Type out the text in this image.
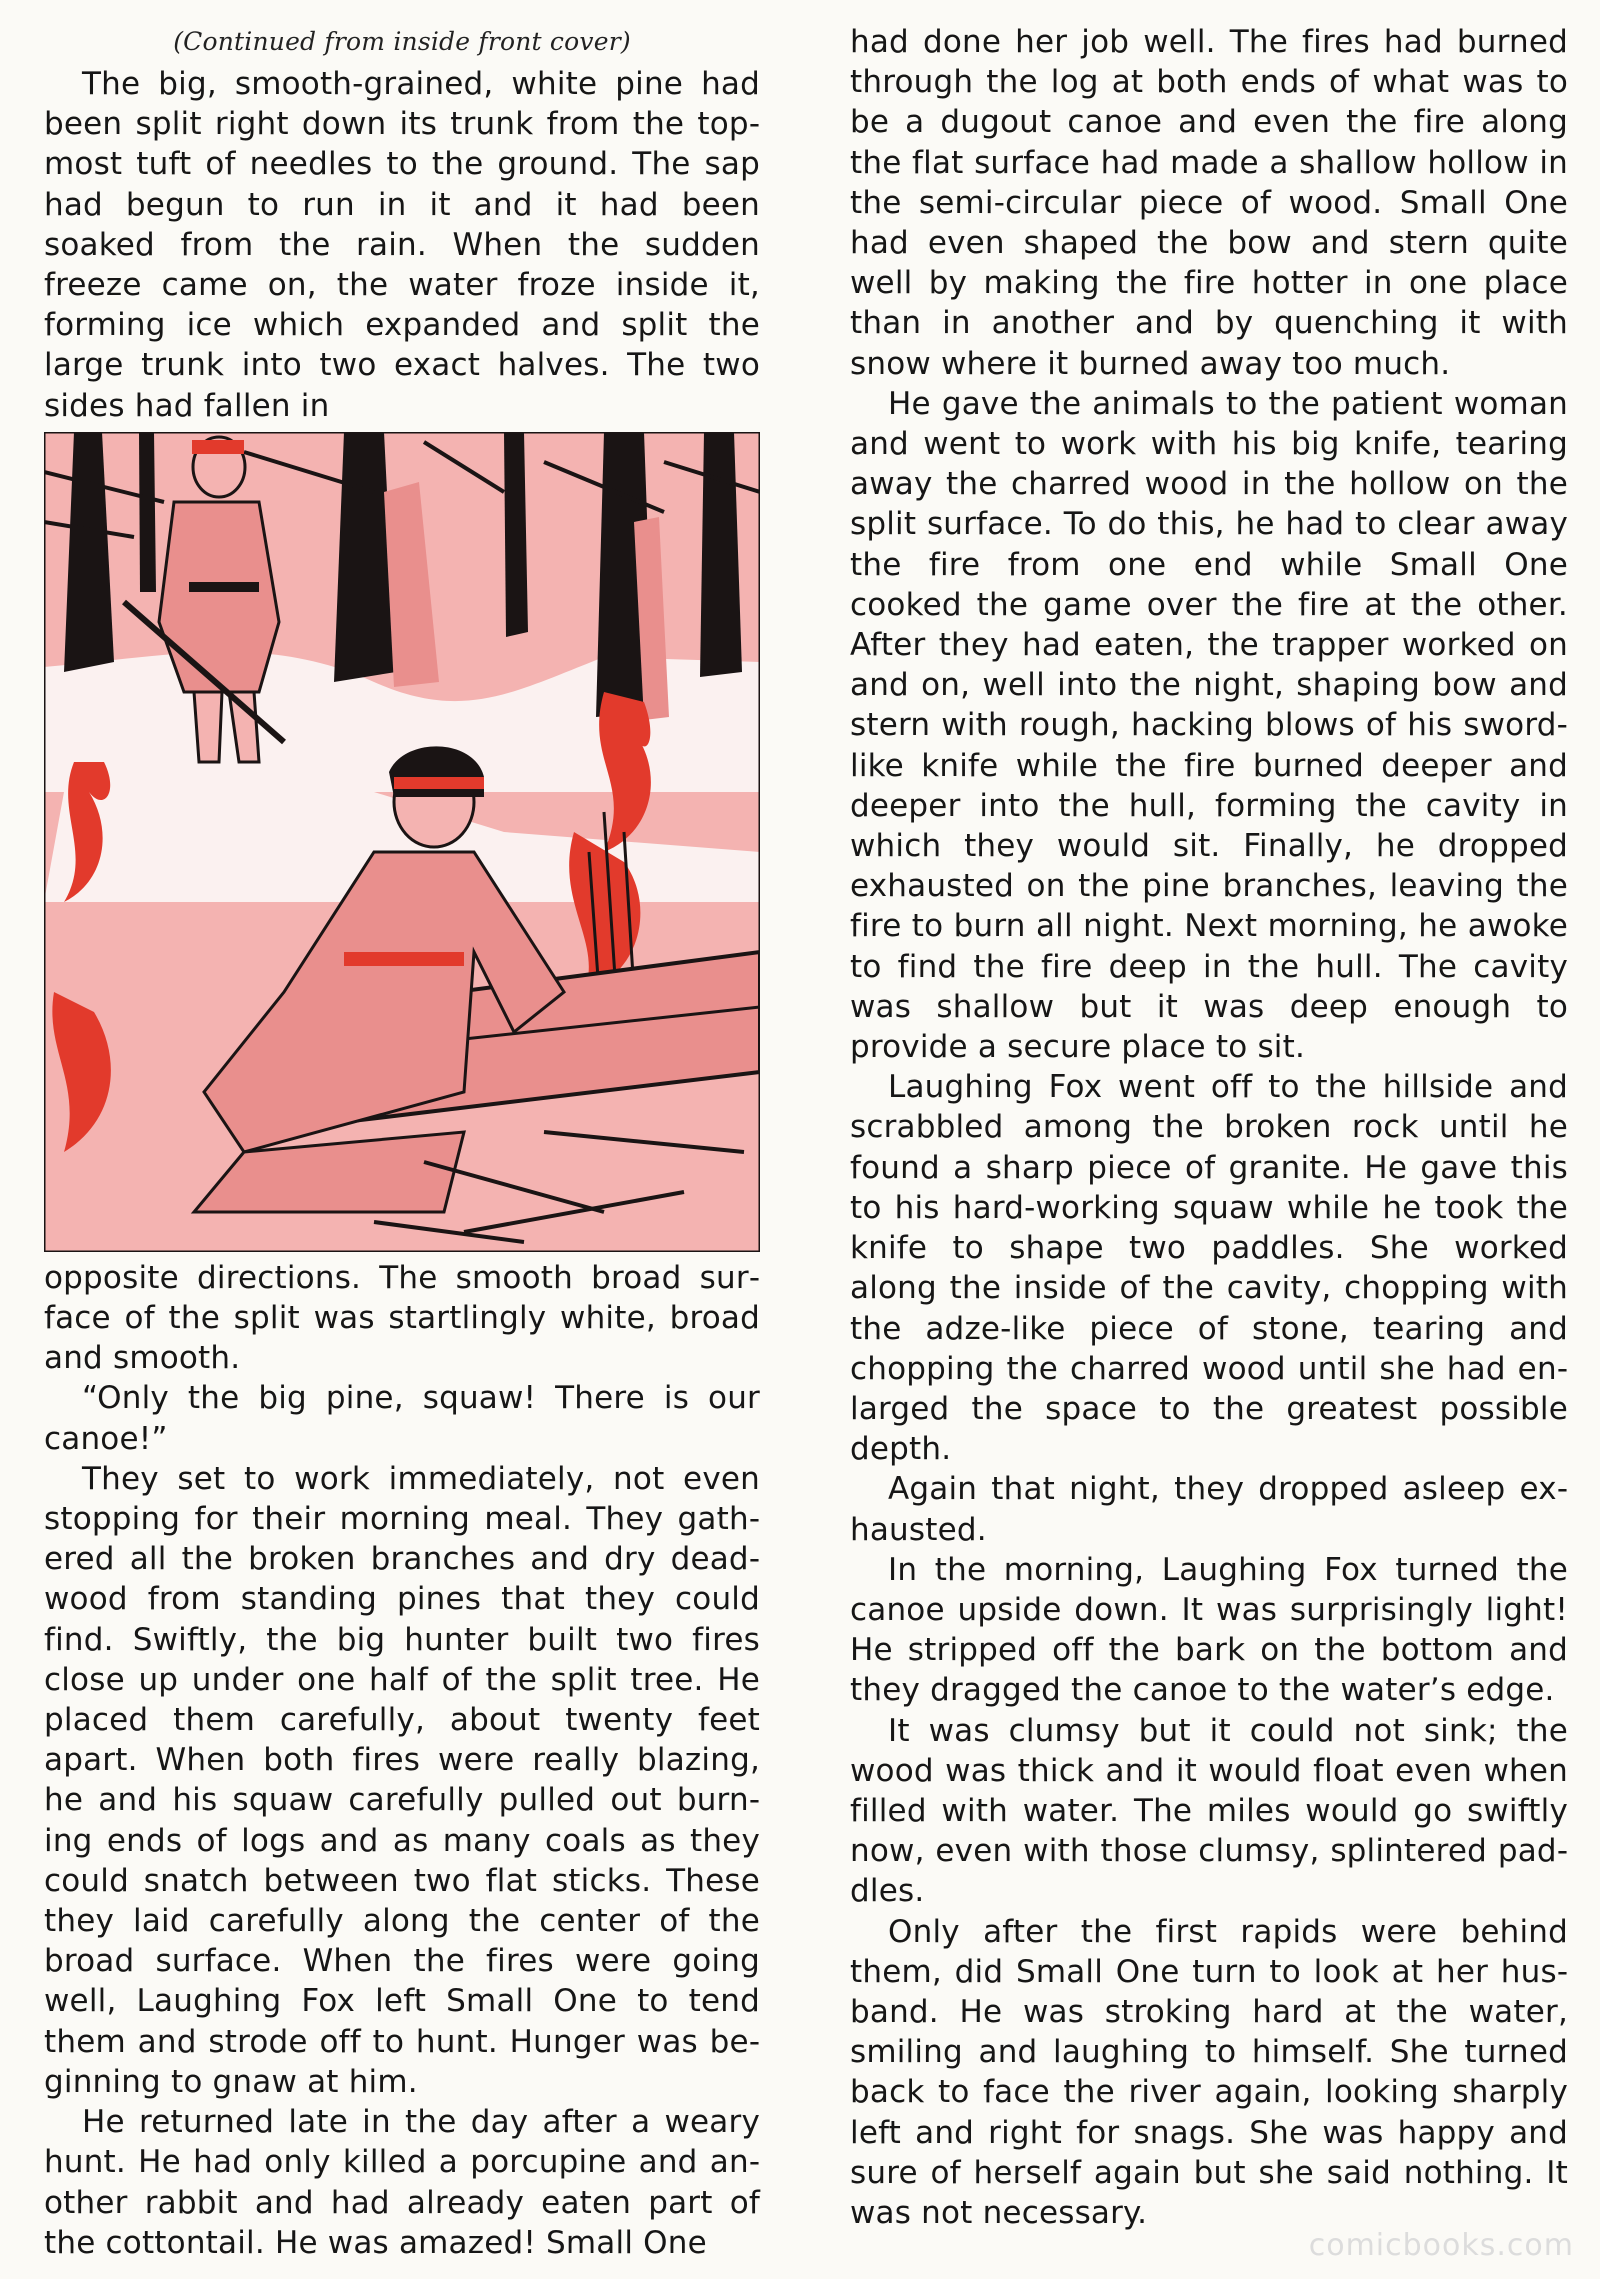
(Continued from inside front cover)

The big, smooth-grained, white pine had been split right down its trunk from the topmost tuft of needles to the ground. The sap had begun to run in it and it had been soaked from the rain. When the sudden freeze came on, the water froze inside it, forming ice which expanded and split the large trunk into two exact halves. The two sides had fallen in

opposite directions. The smooth broad surface of the split was startlingly white, broad and smooth.

“Only the big pine, squaw! There is our canoe!”

They set to work immediately, not even stopping for their morning meal. They gathered all the broken branches and dry deadwood from standing pines that they could find. Swiftly, the big hunter built two fires close up under one half of the split tree. He placed them carefully, about twenty feet apart. When both fires were really blazing, he and his squaw carefully pulled out burning ends of logs and as many coals as they could snatch between two flat sticks. These they laid carefully along the center of the broad surface. When the fires were going well, Laughing Fox left Small One to tend them and strode off to hunt. Hunger was beginning to gnaw at him.

He returned late in the day after a weary hunt. He had only killed a porcupine and another rabbit and had already eaten part of the cottontail. He was amazed! Small One

had done her job well. The fires had burned through the log at both ends of what was to be a dugout canoe and even the fire along the flat surface had made a shallow hollow in the semi-circular piece of wood. Small One had even shaped the bow and stern quite well by making the fire hotter in one place than in another and by quenching it with snow where it burned away too much.

He gave the animals to the patient woman and went to work with his big knife, tearing away the charred wood in the hollow on the split surface. To do this, he had to clear away the fire from one end while Small One cooked the game over the fire at the other. After they had eaten, the trapper worked on and on, well into the night, shaping bow and stern with rough, hacking blows of his sword-like knife while the fire burned deeper and deeper into the hull, forming the cavity in which they would sit. Finally, he dropped exhausted on the pine branches, leaving the fire to burn all night. Next morning, he awoke to find the fire deep in the hull. The cavity was shallow but it was deep enough to provide a secure place to sit.

Laughing Fox went off to the hillside and scrabbled among the broken rock until he found a sharp piece of granite. He gave this to his hard-working squaw while he took the knife to shape two paddles. She worked along the inside of the cavity, chopping with the adze-like piece of stone, tearing and chopping the charred wood until she had enlarged the space to the greatest possible depth.

Again that night, they dropped asleep exhausted.

In the morning, Laughing Fox turned the canoe upside down. It was surprisingly light! He stripped off the bark on the bottom and they dragged the canoe to the water’s edge.

It was clumsy but it could not sink; the wood was thick and it would float even when filled with water. The miles would go swiftly now, even with those clumsy, splintered paddles.

Only after the first rapids were behind them, did Small One turn to look at her husband. He was stroking hard at the water, smiling and laughing to himself. She turned back to face the river again, looking sharply left and right for snags. She was happy and sure of herself again but she said nothing. It was not necessary.

comicbooks.com
